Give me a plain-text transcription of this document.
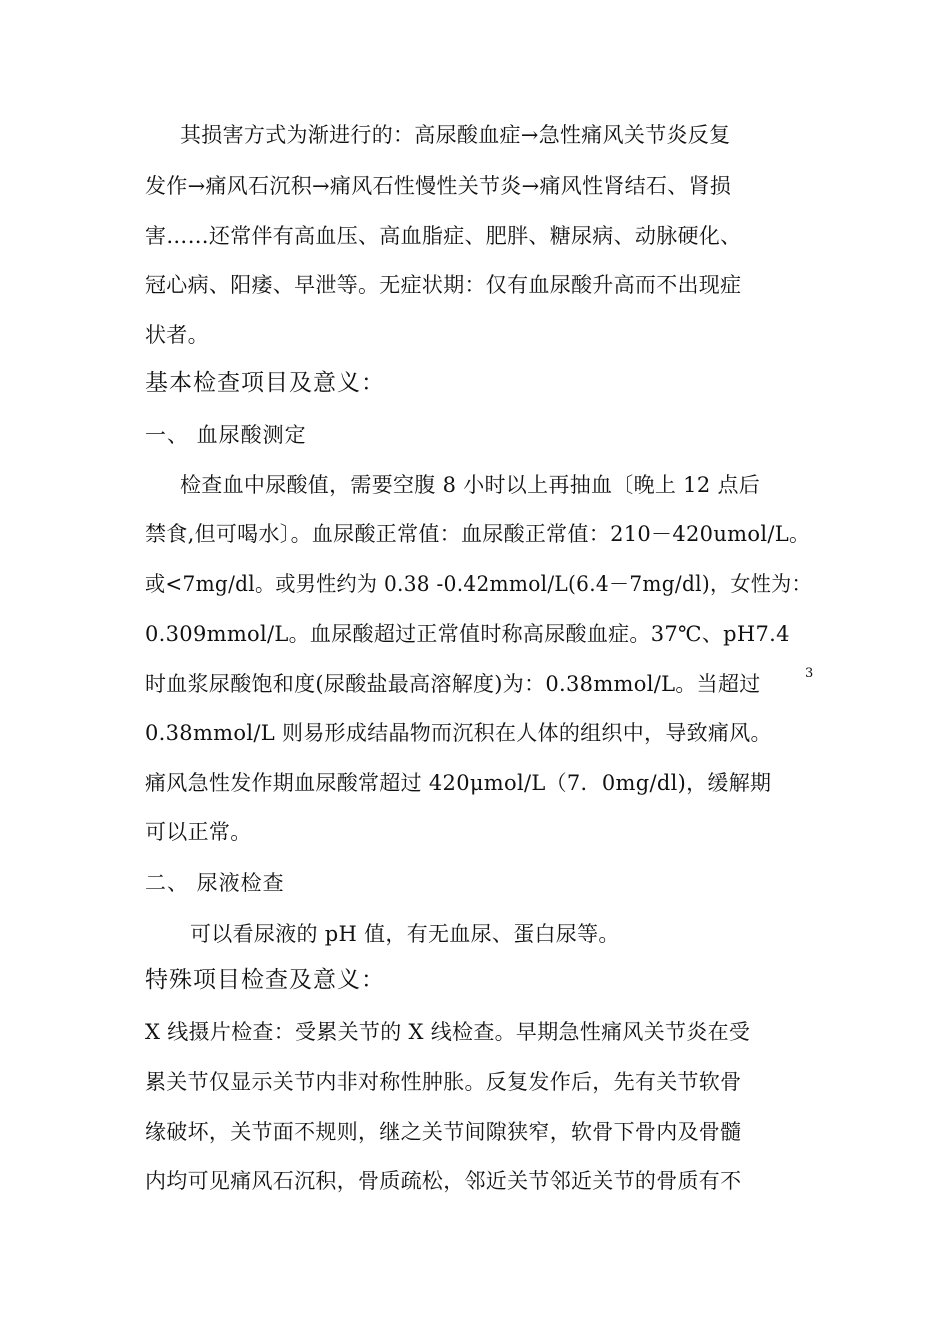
其损害方式为渐进行的：高尿酸血症→急性痛风关节炎反复
发作→痛风石沉积→痛风石性慢性关节炎→痛风性肾结石、肾损
害……还常伴有高血压、高血脂症、肥胖、糖尿病、动脉硬化、
冠心病、阳痿、早泄等。无症状期：仅有血尿酸升高而不出现症
状者。
基本检查项目及意义：
一、 血尿酸测定
检查血中尿酸值，需要空腹 8 小时以上再抽血〔晚上 12 点后
禁食,但可喝水〕。血尿酸正常值：血尿酸正常值：210－420umol/L。
或<7mg/dl。或男性约为 0.38 -0.42mmol/L(6.4－7mg/dl)，女性为：
0.309mmol/L。血尿酸超过正常值时称高尿酸血症。37℃、pH7.4
时血浆尿酸饱和度(尿酸盐最高溶解度)为：0.38mmol/L。当超过	3
0.38mmol/L 则易形成结晶物而沉积在人体的组织中，导致痛风。
痛风急性发作期血尿酸常超过 420μmol/L（7．0mg/dl)，缓解期
可以正常。
二、 尿液检查
可以看尿液的 pH 值，有无血尿、蛋白尿等。
特殊项目检查及意义：
X 线摄片检查：受累关节的 X 线检查。早期急性痛风关节炎在受
累关节仅显示关节内非对称性肿胀。反复发作后，先有关节软骨
缘破坏，关节面不规则，继之关节间隙狭窄，软骨下骨内及骨髓
内均可见痛风石沉积，骨质疏松，邻近关节邻近关节的骨质有不
